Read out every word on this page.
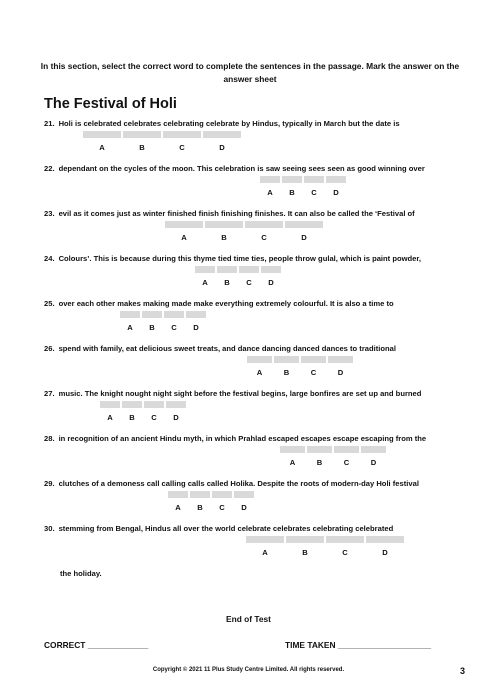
In this section, select the correct word to complete the sentences in the passage. Mark the answer on the answer sheet
The Festival of Holi
21. Holi is celebrated celebrates celebrating celebrate by Hindus, typically in March but the date is
A	B	C	D
22. dependant on the cycles of the moon. This celebration is saw seeing sees seen as good winning over
A B C D
23. evil as it comes just as winter finished finish finishing finishes. It can also be called the ‘Festival of
A	B	C	D
24. Colours’. This is because during this thyme tied time ties, people throw gulal, which is paint powder,
A B C D
25. over each other makes making made make everything extremely colourful. It is also a time to
A B C D
26. spend with family, eat delicious sweet treats, and dance dancing danced dances to traditional
A	B	C	D
27. music. The knight nought night sight before the festival begins, large bonfires are set up and burned
A B C D
28. in recognition of an ancient Hindu myth, in which Prahlad escaped escapes escape escaping from the
A	B	C	D
29. clutches of a demoness call calling calls called Holika. Despite the roots of modern-day Holi festival
A B C D
30. stemming from Bengal, Hindus all over the world celebrate celebrates celebrating celebrated
A	B	C	D
the holiday.
End of Test
CORRECT _____________	TIME TAKEN ____________________
Copyright © 2021 11 Plus Study Centre Limited. All rights reserved.	3
